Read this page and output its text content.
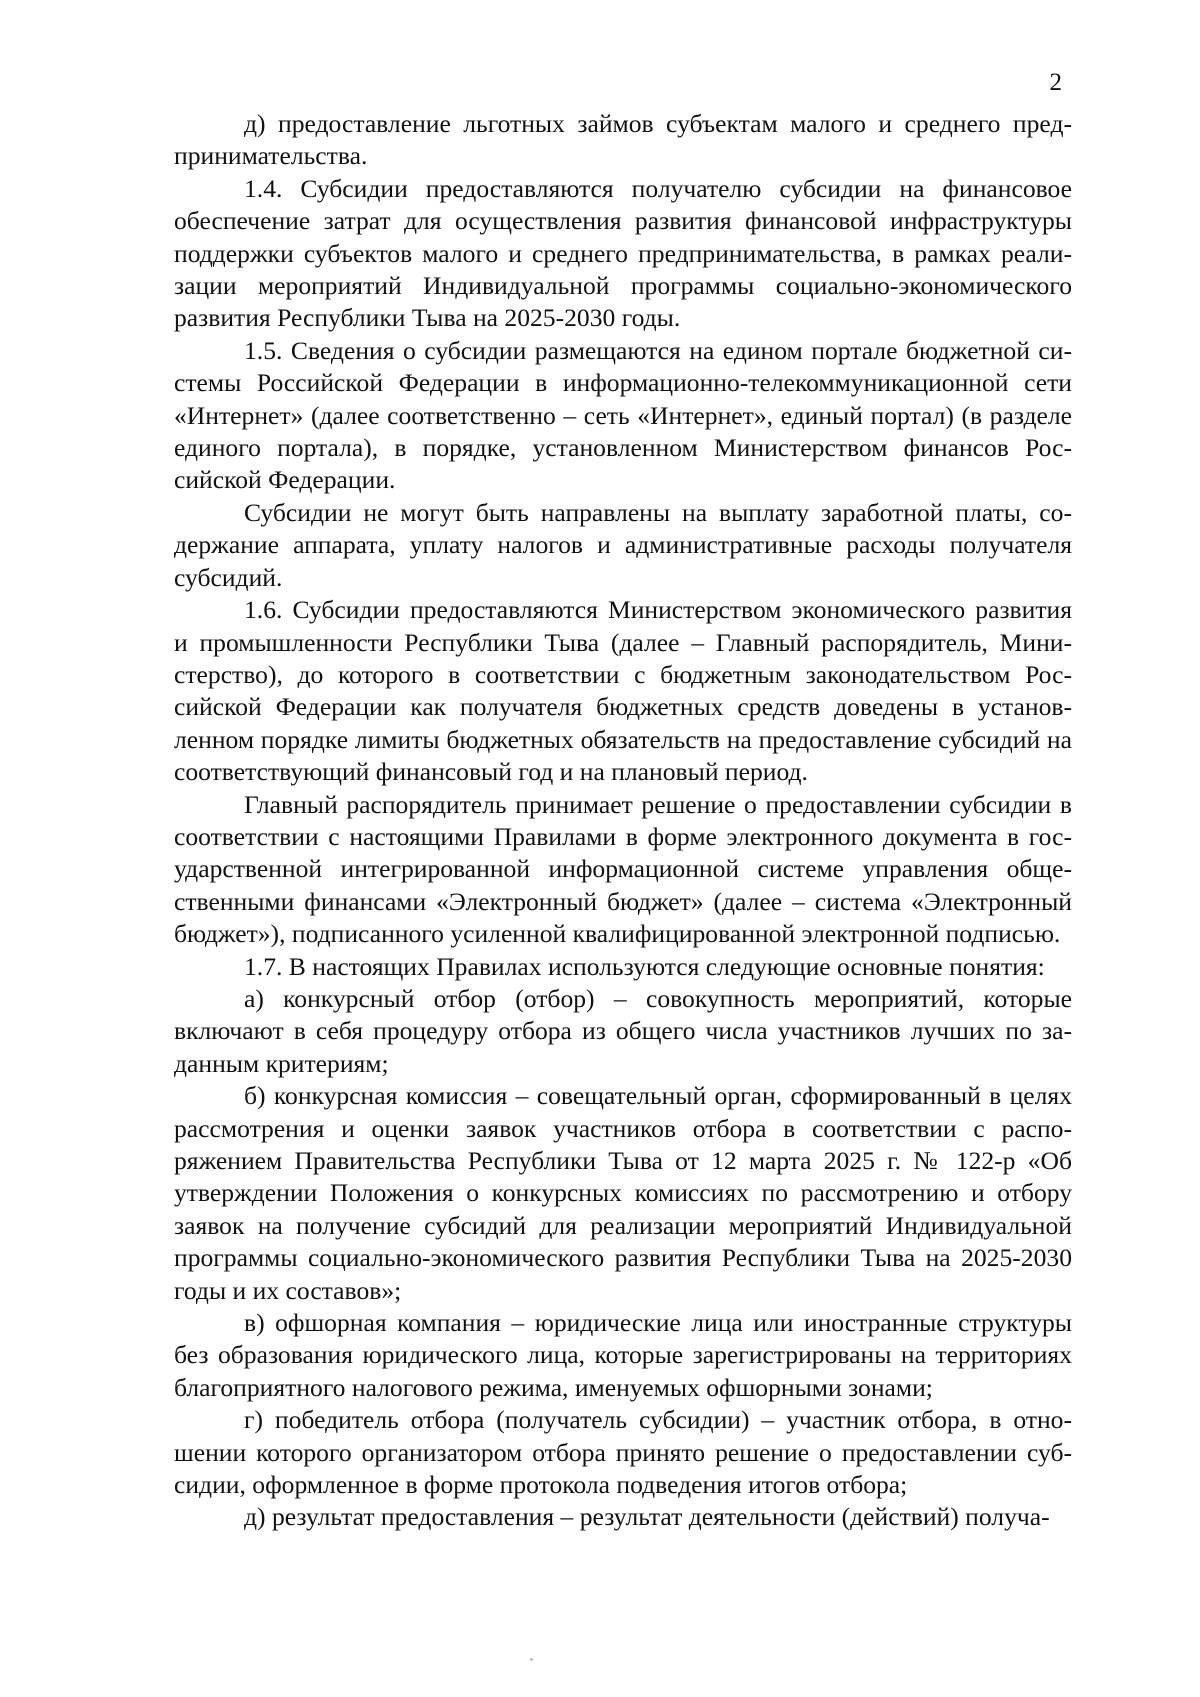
2

д) предоставление льготных займов субъектам малого и среднего предпринимательства.

1.4. Субсидии предоставляются получателю субсидии на финансовое обеспечение затрат для осуществления развития финансовой инфраструктуры поддержки субъектов малого и среднего предпринимательства, в рамках реализации мероприятий Индивидуальной программы социально-экономического развития Республики Тыва на 2025-2030 годы.

1.5. Сведения о субсидии размещаются на едином портале бюджетной системы Российской Федерации в информационно-телекоммуникационной сети «Интернет» (далее соответственно – сеть «Интернет», единый портал) (в разделе единого портала), в порядке, установленном Министерством финансов Российской Федерации.

Субсидии не могут быть направлены на выплату заработной платы, содержание аппарата, уплату налогов и административные расходы получателя субсидий.

1.6. Субсидии предоставляются Министерством экономического развития и промышленности Республики Тыва (далее – Главный распорядитель, Министерство), до которого в соответствии с бюджетным законодательством Российской Федерации как получателя бюджетных средств доведены в установленном порядке лимиты бюджетных обязательств на предоставление субсидий на соответствующий финансовый год и на плановый период.

Главный распорядитель принимает решение о предоставлении субсидии в соответствии с настоящими Правилами в форме электронного документа в государственной интегрированной информационной системе управления общественными финансами «Электронный бюджет» (далее – система «Электронный бюджет»), подписанного усиленной квалифицированной электронной подписью.

1.7. В настоящих Правилах используются следующие основные понятия:

а) конкурсный отбор (отбор) – совокупность мероприятий, которые включают в себя процедуру отбора из общего числа участников лучших по заданным критериям;

б) конкурсная комиссия – совещательный орган, сформированный в целях рассмотрения и оценки заявок участников отбора в соответствии с распоряжением Правительства Республики Тыва от 12 марта 2025 г. № 122-р «Об утверждении Положения о конкурсных комиссиях по рассмотрению и отбору заявок на получение субсидий для реализации мероприятий Индивидуальной программы социально-экономического развития Республики Тыва на 2025-2030 годы и их составов»;

в) офшорная компания – юридические лица или иностранные структуры без образования юридического лица, которые зарегистрированы на территориях благоприятного налогового режима, именуемых офшорными зонами;

г) победитель отбора (получатель субсидии) – участник отбора, в отношении которого организатором отбора принято решение о предоставлении субсидии, оформленное в форме протокола подведения итогов отбора;

д) результат предоставления – результат деятельности (действий) получа-
